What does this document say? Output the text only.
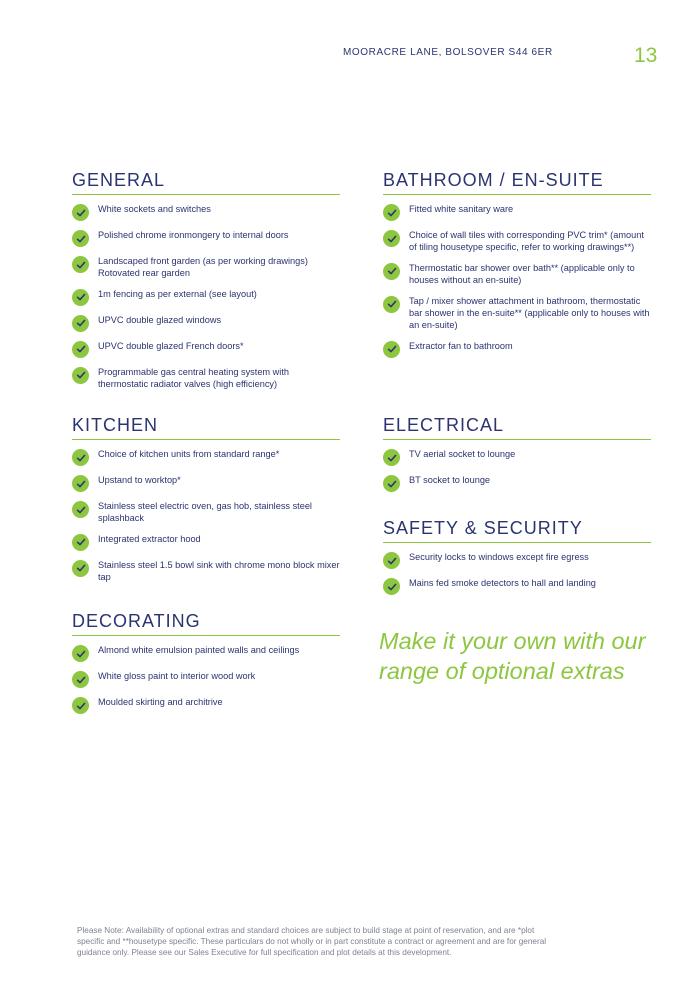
MOORACRE LANE, BOLSOVER S44 6ER	13
GENERAL
White sockets and switches
Polished chrome ironmongery to internal doors
Landscaped front garden (as per working drawings) Rotovated rear garden
1m fencing as per external (see layout)
UPVC double glazed windows
UPVC double glazed French doors*
Programmable gas central heating system with thermostatic radiator valves (high efficiency)
KITCHEN
Choice of kitchen units from standard range*
Upstand to worktop*
Stainless steel electric oven, gas hob, stainless steel splashback
Integrated extractor hood
Stainless steel 1.5 bowl sink with chrome mono block mixer tap
DECORATING
Almond white emulsion painted walls and ceilings
White gloss paint to interior wood work
Moulded skirting and architrive
BATHROOM / EN-SUITE
Fitted white sanitary ware
Choice of wall tiles with corresponding PVC trim* (amount of tiling housetype specific, refer to working drawings**)
Thermostatic bar shower over bath** (applicable only to houses without an en-suite)
Tap / mixer shower attachment in bathroom, thermostatic bar shower in the en-suite** (applicable only to houses with an en-suite)
Extractor fan to bathroom
ELECTRICAL
TV aerial socket to lounge
BT socket to lounge
SAFETY & SECURITY
Security locks to windows except fire egress
Mains fed smoke detectors to hall and landing
Make it your own with our range of optional extras
Please Note: Availability of optional extras and standard choices are subject to build stage at point of reservation, and are *plot specific and **housetype specific. These particulars do not wholly or in part constitute a contract or agreement and are for general guidance only. Please see our Sales Executive for full specification and plot details at this development.
